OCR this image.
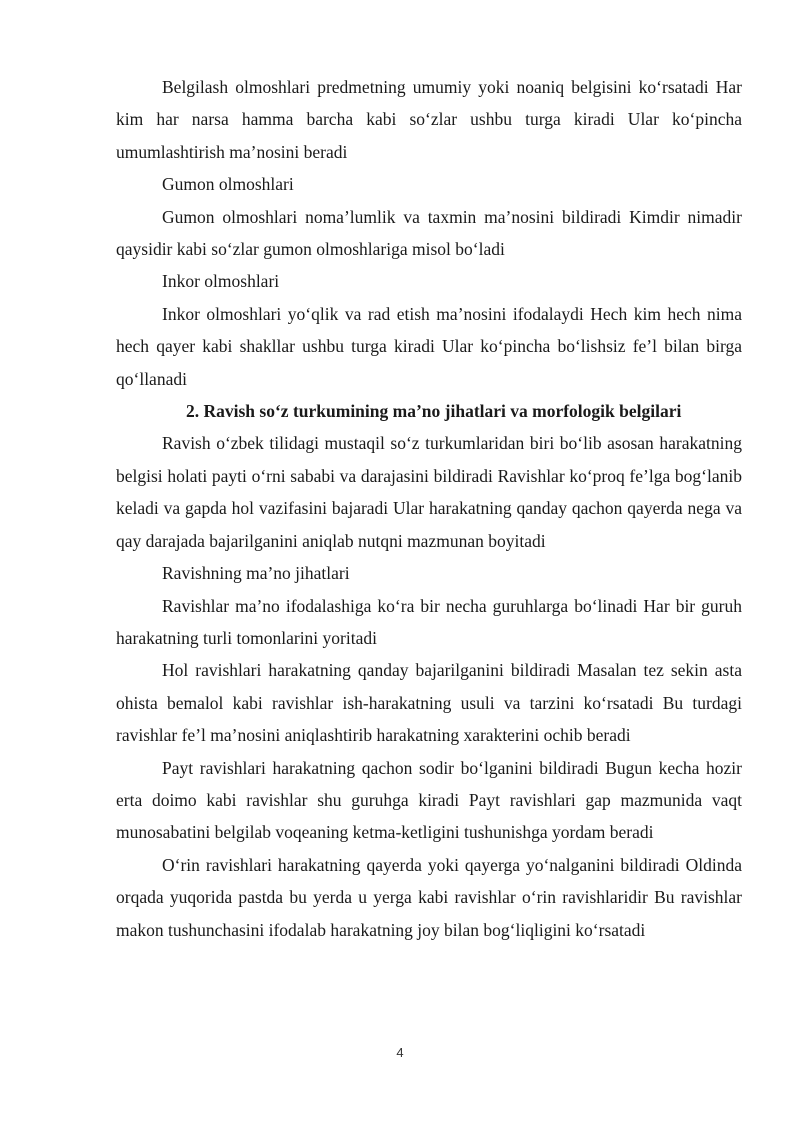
Belgilash olmoshlari predmetning umumiy yoki noaniq belgisini ko‘rsatadi Har kim har narsa hamma barcha kabi so‘zlar ushbu turga kiradi Ular ko‘pincha umumlashtirish ma’nosini beradi

Gumon olmoshlari

Gumon olmoshlari noma’lumlik va taxmin ma’nosini bildiradi Kimdir nimadir qaysidir kabi so‘zlar gumon olmoshlariga misol bo‘ladi

Inkor olmoshlari

Inkor olmoshlari yo‘qlik va rad etish ma’nosini ifodalaydi Hech kim hech nima hech qayer kabi shakllar ushbu turga kiradi Ular ko‘pincha bo‘lishsiz fe’l bilan birga qo‘llanadi

2. Ravish so‘z turkumining ma’no jihatlari va morfologik belgilari

Ravish o‘zbek tilidagi mustaqil so‘z turkumlaridan biri bo‘lib asosan harakatning belgisi holati payti o‘rni sababi va darajasini bildiradi Ravishlar ko‘proq fe’lga bog‘lanib keladi va gapda hol vazifasini bajaradi Ular harakatning qanday qachon qayerda nega va qay darajada bajarilganini aniqlab nutqni mazmunan boyitadi

Ravishning ma’no jihatlari

Ravishlar ma’no ifodalashiga ko‘ra bir necha guruhlarga bo‘linadi Har bir guruh harakatning turli tomonlarini yoritadi

Hol ravishlari harakatning qanday bajarilganini bildiradi Masalan tez sekin asta ohista bemalol kabi ravishlar ish-harakatning usuli va tarzini ko‘rsatadi Bu turdagi ravishlar fe’l ma’nosini aniqlashtirib harakatning xarakterini ochib beradi

Payt ravishlari harakatning qachon sodir bo‘lganini bildiradi Bugun kecha hozir erta doimo kabi ravishlar shu guruhga kiradi Payt ravishlari gap mazmunida vaqt munosabatini belgilab voqeaning ketma-ketligini tushunishga yordam beradi

O‘rin ravishlari harakatning qayerda yoki qayerga yo‘nalganini bildiradi Oldinda orqada yuqorida pastda bu yerda u yerga kabi ravishlar o‘rin ravishlaridir Bu ravishlar makon tushunchasini ifodalab harakatning joy bilan bog‘liqligini ko‘rsatadi

4
